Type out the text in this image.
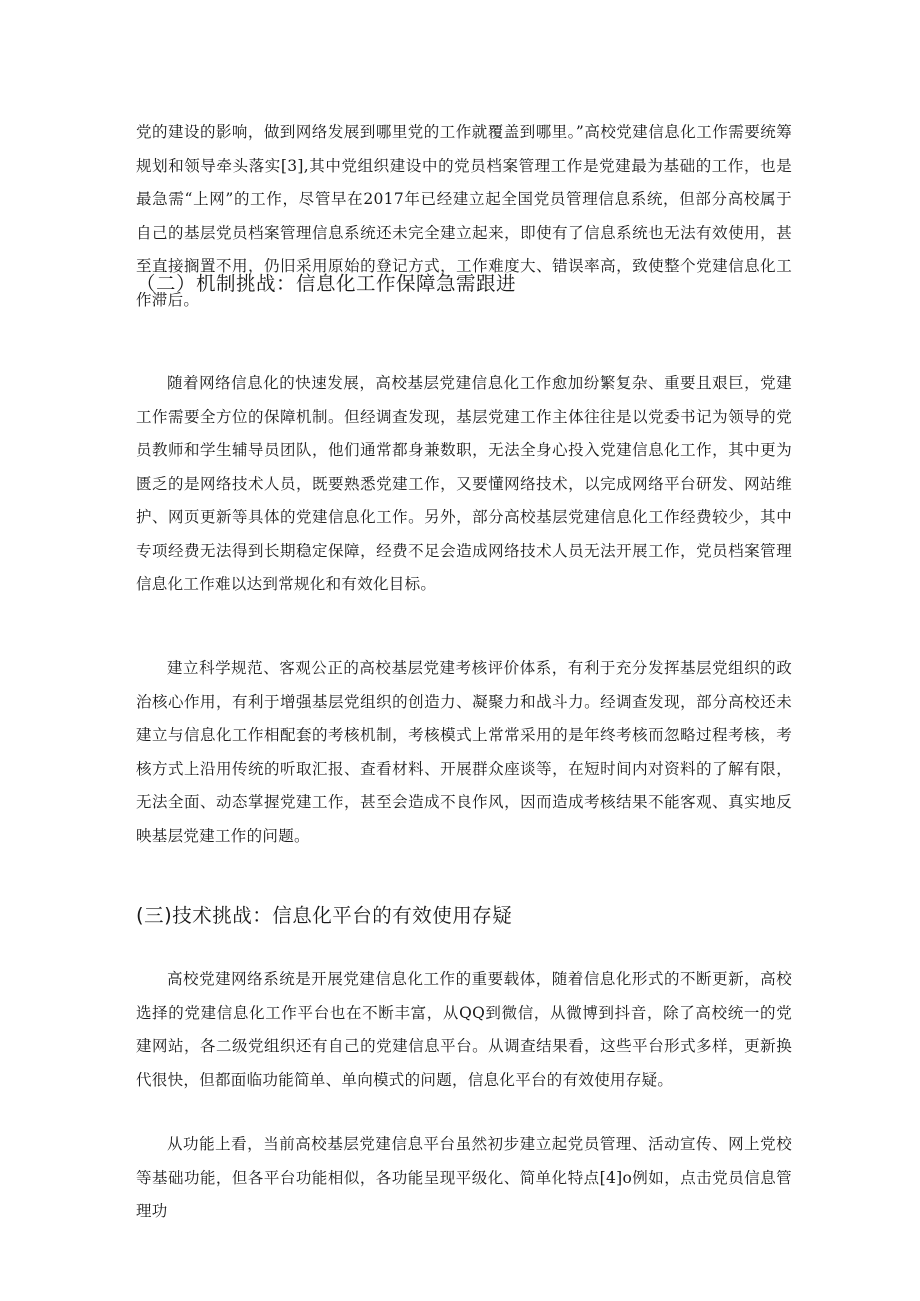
党的建设的影响，做到网络发展到哪里党的工作就覆盖到哪里。”高校党建信息化工作需要统筹规划和领导牵头落实[3],其中党组织建设中的党员档案管理工作是党建最为基础的工作，也是最急需“上网”的工作，尽管早在2017年已经建立起全国党员管理信息系统，但部分高校属于自己的基层党员档案管理信息系统还未完全建立起来，即使有了信息系统也无法有效使用，甚至直接搁置不用，仍旧采用原始的登记方式，工作难度大、错误率高，致使整个党建信息化工作滞后。

（二）机制挑战：信息化工作保障急需跟进

随着网络信息化的快速发展，高校基层党建信息化工作愈加纷繁复杂、重要且艰巨，党建工作需要全方位的保障机制。但经调查发现，基层党建工作主体往往是以党委书记为领导的党员教师和学生辅导员团队，他们通常都身兼数职，无法全身心投入党建信息化工作，其中更为匮乏的是网络技术人员，既要熟悉党建工作，又要懂网络技术，以完成网络平台研发、网站维护、网页更新等具体的党建信息化工作。另外，部分高校基层党建信息化工作经费较少，其中专项经费无法得到长期稳定保障，经费不足会造成网络技术人员无法开展工作，党员档案管理信息化工作难以达到常规化和有效化目标。

建立科学规范、客观公正的高校基层党建考核评价体系，有利于充分发挥基层党组织的政治核心作用，有利于增强基层党组织的创造力、凝聚力和战斗力。经调查发现，部分高校还未建立与信息化工作相配套的考核机制，考核模式上常常采用的是年终考核而忽略过程考核，考核方式上沿用传统的听取汇报、查看材料、开展群众座谈等，在短时间内对资料的了解有限，无法全面、动态掌握党建工作，甚至会造成不良作风，因而造成考核结果不能客观、真实地反映基层党建工作的问题。

(三)技术挑战：信息化平台的有效使用存疑

高校党建网络系统是开展党建信息化工作的重要载体，随着信息化形式的不断更新，高校选择的党建信息化工作平台也在不断丰富，从QQ到微信，从微博到抖音，除了高校统一的党建网站，各二级党组织还有自己的党建信息平台。从调查结果看，这些平台形式多样，更新换代很快，但都面临功能简单、单向模式的问题，信息化平台的有效使用存疑。

从功能上看，当前高校基层党建信息平台虽然初步建立起党员管理、活动宣传、网上党校等基础功能，但各平台功能相似，各功能呈现平级化、简单化特点[4]o例如，点击党员信息管理功
